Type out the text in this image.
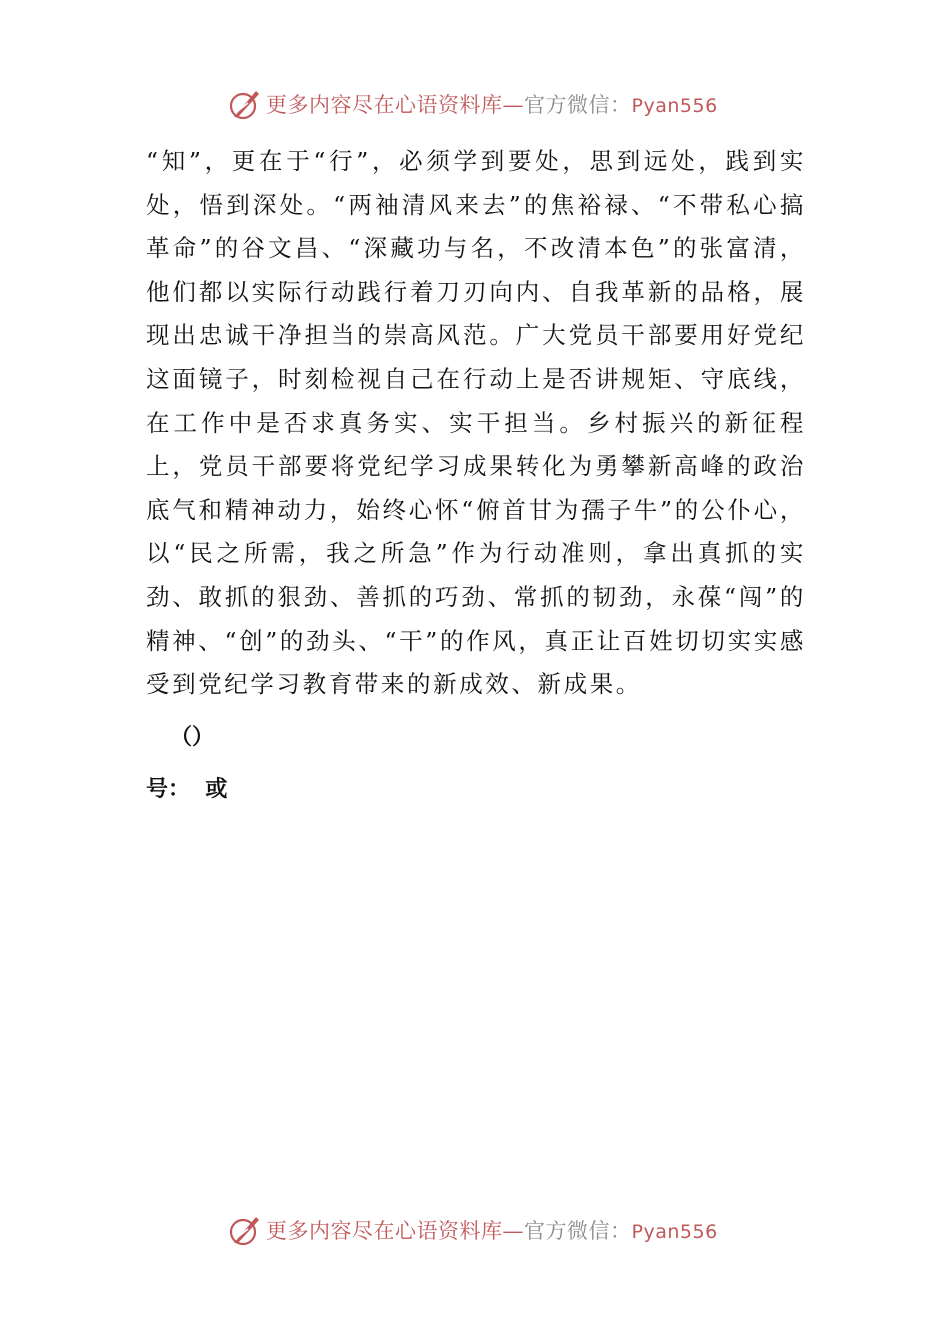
更多内容尽在心语资料库—官方微信：Pyan556

“知”，更在于“行”，必须学到要处，思到远处，践到实处，悟到深处。“两袖清风来去”的焦裕禄、“不带私心搞革命”的谷文昌、“深藏功与名，不改清本色”的张富清，他们都以实际行动践行着刀刃向内、自我革新的品格，展现出忠诚干净担当的崇高风范。广大党员干部要用好党纪这面镜子，时刻检视自己在行动上是否讲规矩、守底线，在工作中是否求真务实、实干担当。乡村振兴的新征程上，党员干部要将党纪学习成果转化为勇攀新高峰的政治底气和精神动力，始终心怀“俯首甘为孺子牛”的公仆心，以“民之所需，我之所急”作为行动准则，拿出真抓的实劲、敢抓的狠劲、善抓的巧劲、常抓的韧劲，永葆“闯”的精神、“创”的劲头、“干”的作风，真正让百姓切切实实感受到党纪学习教育带来的新成效、新成果。

（）
号：  或
更多内容尽在心语资料库—官方微信：Pyan556
